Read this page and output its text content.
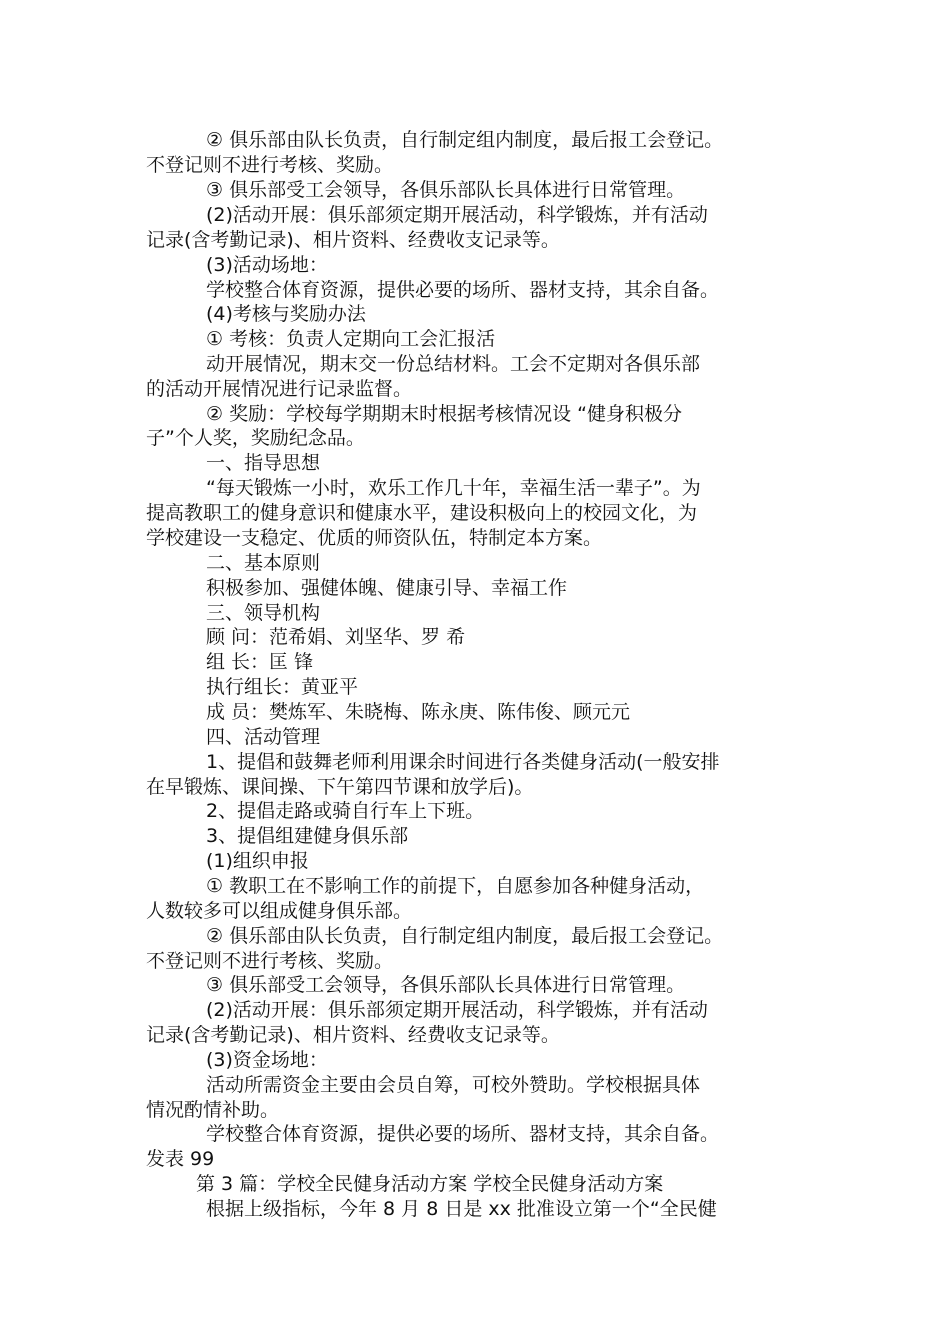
② 俱乐部由队长负责，自行制定组内制度，最后报工会登记。
不登记则不进行考核、奖励。
③ 俱乐部受工会领导，各俱乐部队长具体进行日常管理。
(2)活动开展：俱乐部须定期开展活动，科学锻炼，并有活动
记录(含考勤记录)、相片资料、经费收支记录等。
(3)活动场地：
学校整合体育资源，提供必要的场所、器材支持，其余自备。
(4)考核与奖励办法
① 考核：负责人定期向工会汇报活
动开展情况，期末交一份总结材料。工会不定期对各俱乐部
的活动开展情况进行记录监督。
② 奖励：学校每学期期末时根据考核情况设 “健身积极分
子”个人奖，奖励纪念品。
一、指导思想
“每天锻炼一小时，欢乐工作几十年，幸福生活一辈子”。为
提高教职工的健身意识和健康水平，建设积极向上的校园文化，为
学校建设一支稳定、优质的师资队伍，特制定本方案。
二、基本原则
积极参加、强健体魄、健康引导、幸福工作
三、领导机构
顾 问：范希娟、刘坚华、罗 希
组 长：匡 锋
执行组长：黄亚平
成 员：樊炼军、朱晓梅、陈永庚、陈伟俊、顾元元
四、活动管理
1、提倡和鼓舞老师利用课余时间进行各类健身活动(一般安排
在早锻炼、课间操、下午第四节课和放学后)。
2、提倡走路或骑自行车上下班。
3、提倡组建健身俱乐部
(1)组织申报
① 教职工在不影响工作的前提下，自愿参加各种健身活动，
人数较多可以组成健身俱乐部。
② 俱乐部由队长负责，自行制定组内制度，最后报工会登记。
不登记则不进行考核、奖励。
③ 俱乐部受工会领导，各俱乐部队长具体进行日常管理。
(2)活动开展：俱乐部须定期开展活动，科学锻炼，并有活动
记录(含考勤记录)、相片资料、经费收支记录等。
(3)资金场地：
活动所需资金主要由会员自筹，可校外赞助。学校根据具体
情况酌情补助。
学校整合体育资源，提供必要的场所、器材支持，其余自备。
发表 99
第 3 篇：学校全民健身活动方案 学校全民健身活动方案
根据上级指标，今年 8 月 8 日是 xx 批准设立第一个“全民健
